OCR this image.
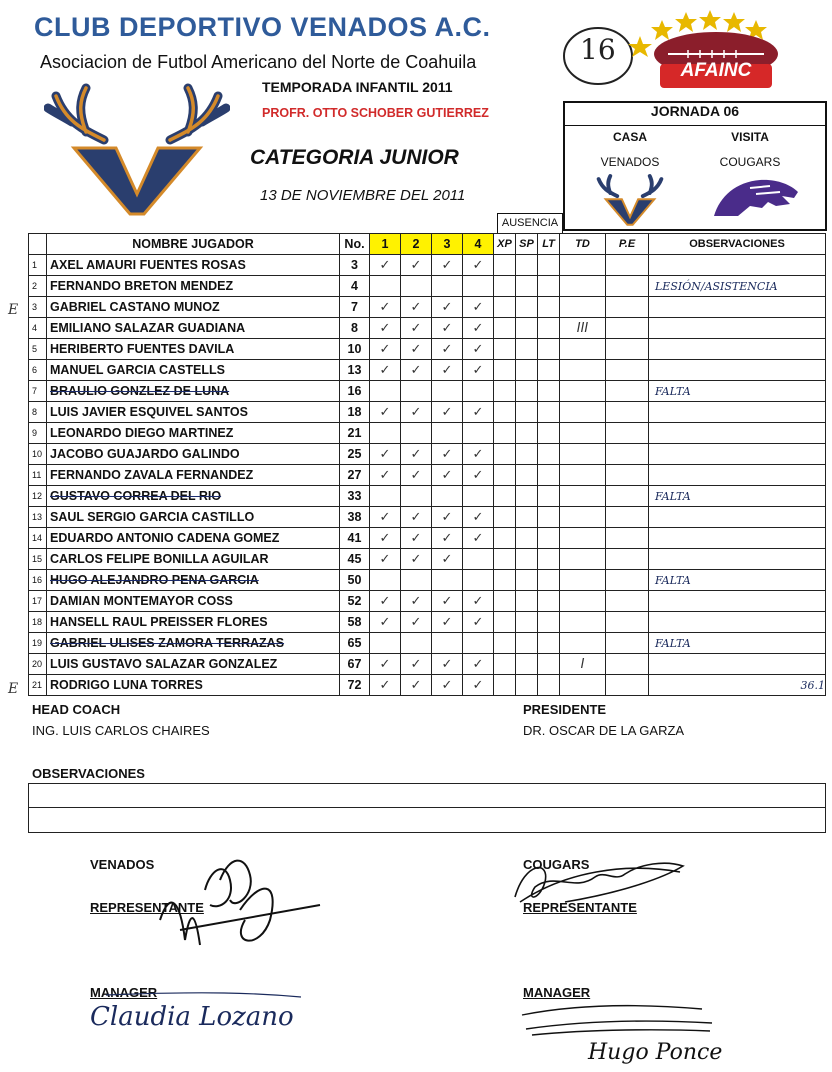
CLUB DEPORTIVO VENADOS A.C.
Asociacion de Futbol Americano del Norte de Coahuila
TEMPORADA INFANTIL 2011
PROFR. OTTO SCHOBER GUTIERREZ
CATEGORIA JUNIOR
13 DE NOVIEMBRE DEL 2011
16
AFAINC
JORNADA 06
CASA	VISITA
VENADOS	COUGARS
AUSENCIA
E
E
	NOMBRE JUGADOR	No.	1	2	3	4	XP	SP	LT	TD	P.E	OBSERVACIONES
1	AXEL AMAURI FUENTES ROSAS	3	✓	✓	✓	✓						
2	FERNANDO BRETON MENDEZ	4										LESIÓN/ASISTENCIA
3	GABRIEL CASTANO MUNOZ	7	✓	✓	✓	✓						
4	EMILIANO SALAZAR GUADIANA	8	✓	✓	✓	✓				III		
5	HERIBERTO FUENTES DAVILA	10	✓	✓	✓	✓						
6	MANUEL GARCIA CASTELLS	13	✓	✓	✓	✓						
7	BRAULIO GONZLEZ DE LUNA	16										FALTA
8	LUIS JAVIER ESQUIVEL SANTOS	18	✓	✓	✓	✓						
9	LEONARDO DIEGO MARTINEZ	21										
10	JACOBO GUAJARDO GALINDO	25	✓	✓	✓	✓						
11	FERNANDO ZAVALA FERNANDEZ	27	✓	✓	✓	✓						
12	GUSTAVO CORREA DEL RIO	33										FALTA
13	SAUL SERGIO GARCIA CASTILLO	38	✓	✓	✓	✓						
14	EDUARDO ANTONIO CADENA GOMEZ	41	✓	✓	✓	✓						
15	CARLOS FELIPE BONILLA AGUILAR	45	✓	✓	✓							
16	HUGO ALEJANDRO PENA GARCIA	50										FALTA
17	DAMIAN MONTEMAYOR COSS	52	✓	✓	✓	✓						
18	HANSELL RAUL PREISSER FLORES	58	✓	✓	✓	✓						
19	GABRIEL ULISES ZAMORA TERRAZAS	65										FALTA
20	LUIS GUSTAVO SALAZAR GONZALEZ	67	✓	✓	✓	✓				I		
21	RODRIGO LUNA TORRES	72	✓	✓	✓	✓						36.1
HEAD COACH
ING. LUIS CARLOS CHAIRES
PRESIDENTE
DR. OSCAR DE LA GARZA
OBSERVACIONES
VENADOS
REPRESENTANTE
MANAGER
COUGARS
REPRESENTANTE
MANAGER
Claudia Lozano
Hugo Ponce
